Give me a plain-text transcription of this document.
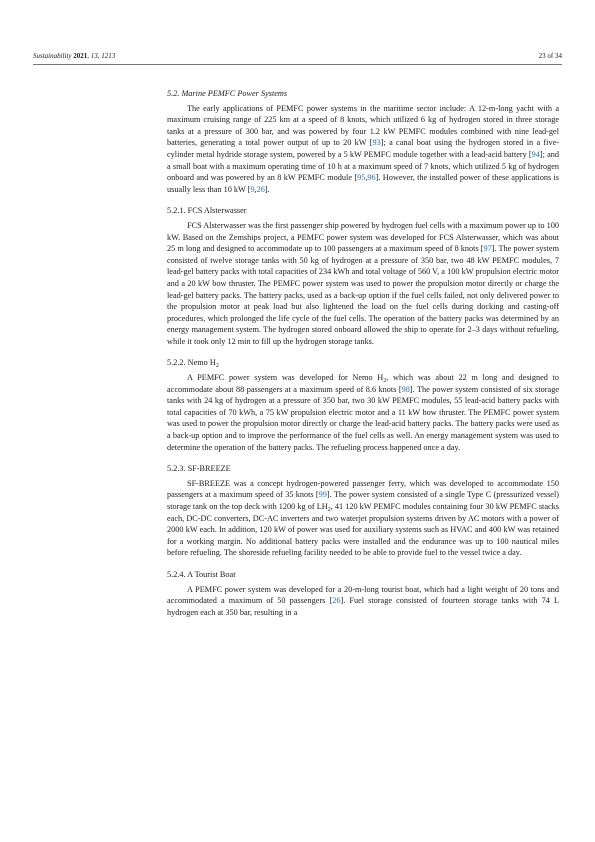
Sustainability 2021, 13, 1213	23 of 34
5.2. Marine PEMFC Power Systems

The early applications of PEMFC power systems in the maritime sector include: A 12-m-long yacht with a maximum cruising range of 225 km at a speed of 8 knots, which utilized 6 kg of hydrogen stored in three storage tanks at a pressure of 300 bar, and was powered by four 1.2 kW PEMFC modules combined with nine lead-gel batteries, generating a total power output of up to 20 kW [93]; a canal boat using the hydrogen stored in a five-cylinder metal hydride storage system, powered by a 5 kW PEMFC module together with a lead-acid battery [94]; and a small boat with a maximum operating time of 10 h at a maximum speed of 7 knots, which utilized 5 kg of hydrogen onboard and was powered by an 8 kW PEMFC module [95,96]. However, the installed power of these applications is usually less than 10 kW [9,26].

5.2.1. FCS Alsterwasser

FCS Alsterwasser was the first passenger ship powered by hydrogen fuel cells with a maximum power up to 100 kW. Based on the Zemships project, a PEMFC power system was developed for FCS Alsterwasser, which was about 25 m long and designed to accommodate up to 100 passengers at a maximum speed of 8 knots [97]. The power system consisted of twelve storage tanks with 50 kg of hydrogen at a pressure of 350 bar, two 48 kW PEMFC modules, 7 lead-gel battery packs with total capacities of 234 kWh and total voltage of 560 V, a 100 kW propulsion electric motor and a 20 kW bow thruster. The PEMFC power system was used to power the propulsion motor directly or charge the lead-gel battery packs. The battery packs, used as a back-up option if the fuel cells failed, not only delivered power to the propulsion motor at peak load but also lightened the load on the fuel cells during docking and casting-off procedures, which prolonged the life cycle of the fuel cells. The operation of the battery packs was determined by an energy management system. The hydrogen stored onboard allowed the ship to operate for 2–3 days without refueling, while it took only 12 min to fill up the hydrogen storage tanks.

5.2.2. Nemo $H_2$

A PEMFC power system was developed for Nemo $H_2$, which was about 22 m long and designed to accommodate about 88 passengers at a maximum speed of 8.6 knots [98]. The power system consisted of six storage tanks with 24 kg of hydrogen at a pressure of 350 bar, two 30 kW PEMFC modules, 55 lead-acid battery packs with total capacities of 70 kWh, a 75 kW propulsion electric motor and a 11 kW bow thruster. The PEMFC power system was used to power the propulsion motor directly or charge the lead-acid battery packs. The battery packs were used as a back-up option and to improve the performance of the fuel cells as well. An energy management system was used to determine the operation of the battery packs. The refueling process happened once a day.

5.2.3. SF-BREEZE

SF-BREEZE was a concept hydrogen-powered passenger ferry, which was developed to accommodate 150 passengers at a maximum speed of 35 knots [99]. The power system consisted of a single Type C (pressurized vessel) storage tank on the top deck with 1200 kg of $LH_2$, 41 120 kW PEMFC modules containing four 30 kW PEMFC stacks each, DC-DC converters, DC-AC inverters and two waterjet propulsion systems driven by AC motors with a power of 2000 kW each. In addition, 120 kW of power was used for auxiliary systems such as HVAC and 400 kW was retained for a working margin. No additional battery packs were installed and the endurance was up to 100 nautical miles before refueling. The shoreside refueling facility needed to be able to provide fuel to the vessel twice a day.

5.2.4. A Tourist Boat

A PEMFC power system was developed for a 20-m-long tourist boat, which had a light weight of 20 tons and accommodated a maximum of 50 passengers [26]. Fuel storage consisted of fourteen storage tanks with 74 L hydrogen each at 350 bar, resulting in a
